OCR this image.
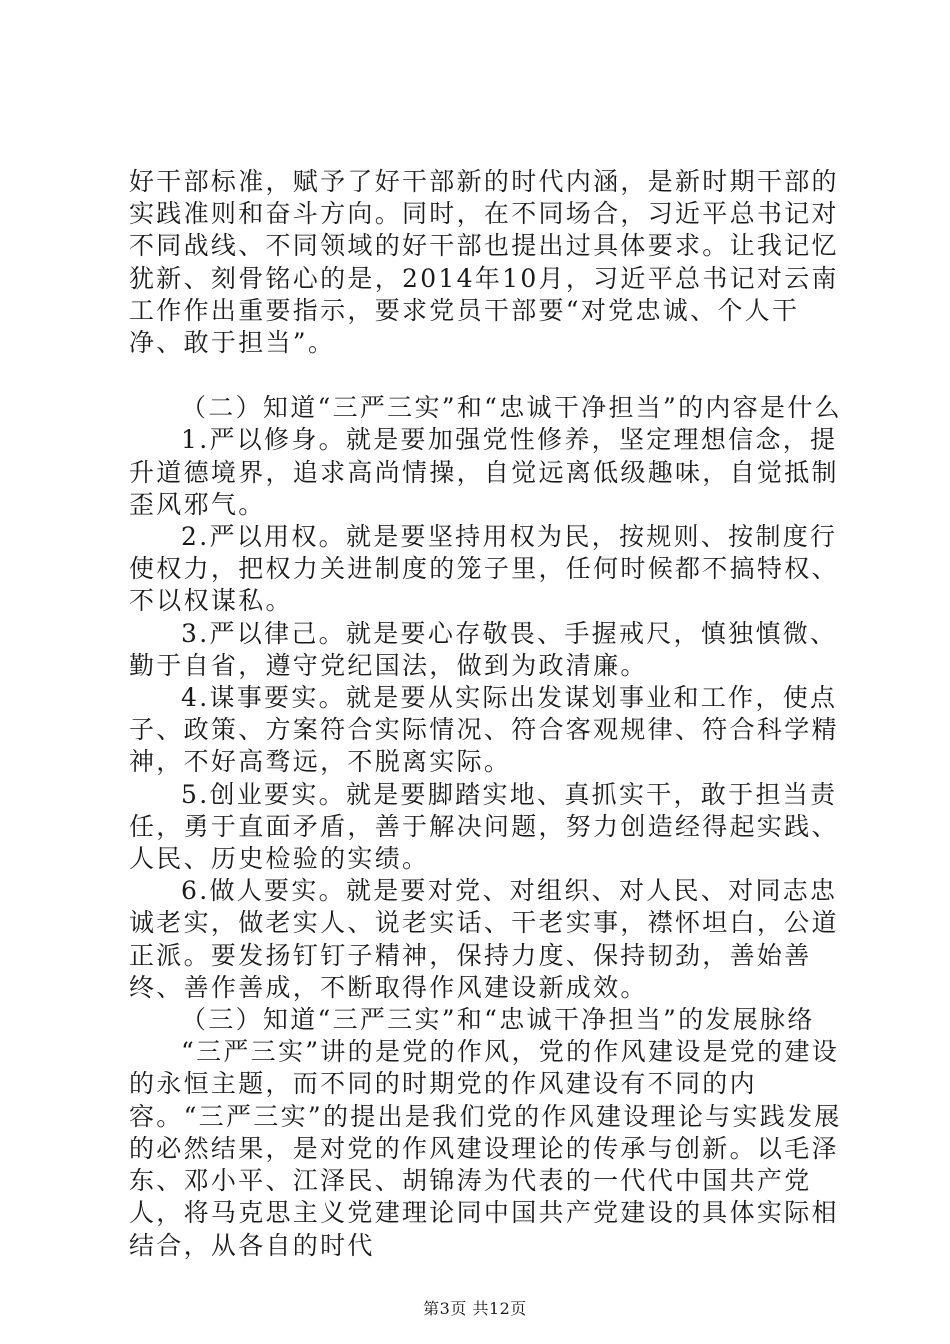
好干部标准，赋予了好干部新的时代内涵，是新时期干部的实践准则和奋斗方向。同时，在不同场合，习近平总书记对不同战线、不同领域的好干部也提出过具体要求。让我记忆犹新、刻骨铭心的是，2014年10月，习近平总书记对云南工作作出重要指示，要求党员干部要“对党忠诚、个人干净、敢于担当”。

（二）知道“三严三实”和“忠诚干净担当”的内容是什么

1.严以修身。就是要加强党性修养，坚定理想信念，提升道德境界，追求高尚情操，自觉远离低级趣味，自觉抵制歪风邪气。

2.严以用权。就是要坚持用权为民，按规则、按制度行使权力，把权力关进制度的笼子里，任何时候都不搞特权、不以权谋私。

3.严以律己。就是要心存敬畏、手握戒尺，慎独慎微、勤于自省，遵守党纪国法，做到为政清廉。

4.谋事要实。就是要从实际出发谋划事业和工作，使点子、政策、方案符合实际情况、符合客观规律、符合科学精神，不好高骛远，不脱离实际。

5.创业要实。就是要脚踏实地、真抓实干，敢于担当责任，勇于直面矛盾，善于解决问题，努力创造经得起实践、人民、历史检验的实绩。

6.做人要实。就是要对党、对组织、对人民、对同志忠诚老实，做老实人、说老实话、干老实事，襟怀坦白，公道正派。要发扬钉钉子精神，保持力度、保持韧劲，善始善终、善作善成，不断取得作风建设新成效。

（三）知道“三严三实”和“忠诚干净担当”的发展脉络

“三严三实”讲的是党的作风，党的作风建设是党的建设的永恒主题，而不同的时期党的作风建设有不同的内容。“三严三实”的提出是我们党的作风建设理论与实践发展的必然结果，是对党的作风建设理论的传承与创新。以毛泽东、邓小平、江泽民、胡锦涛为代表的一代代中国共产党人，将马克思主义党建理论同中国共产党建设的具体实际相结合，从各自的时代

第3页 共12页
